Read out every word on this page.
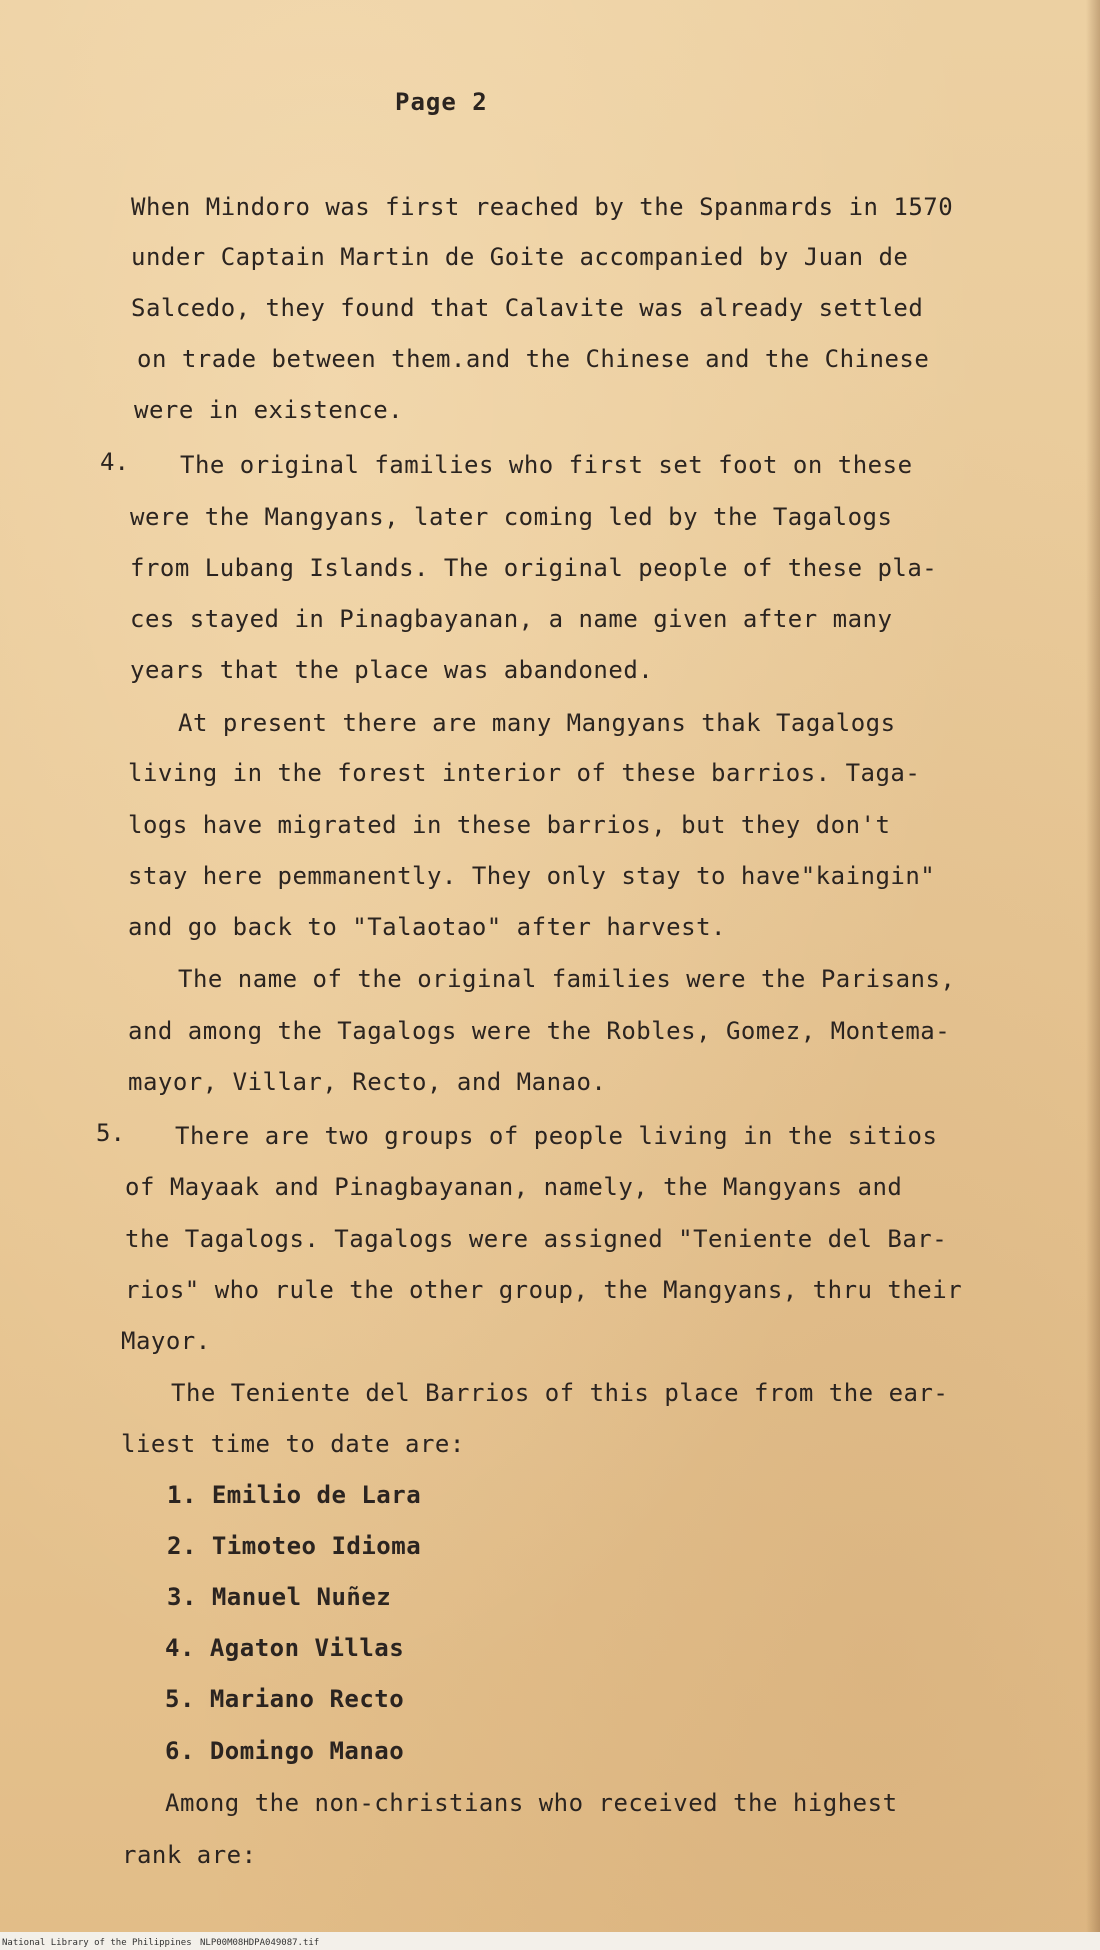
Page 2
When Mindoro was first reached by the Spanmards in 1570
under Captain Martin de Goite accompanied by Juan de
Salcedo, they found that Calavite was already settled
on trade between them.and the Chinese and the Chinese
were in existence.
4. The original families who first set foot on these
were the Mangyans, later coming led by the Tagalogs
from Lubang Islands. The original people of these pla-
ces stayed in Pinagbayanan, a name given after many
years that the place was abandoned.
At present there are many Mangyans thak Tagalogs
living in the forest interior of these barrios. Taga-
logs have migrated in these barrios, but they don't
stay here pemmanently. They only stay to have"kaingin"
and go back to "Talaotao" after harvest.
The name of the original families were the Parisans,
and among the Tagalogs were the Robles, Gomez, Montema-
mayor, Villar, Recto, and Manao.
5. There are two groups of people living in the sitios
of Mayaak and Pinagbayanan, namely, the Mangyans and
the Tagalogs. Tagalogs were assigned "Teniente del Bar-
rios" who rule the other group, the Mangyans, thru their
Mayor.
The Teniente del Barrios of this place from the ear-
liest time to date are:
1. Emilio de Lara
2. Timoteo Idioma
3. Manuel Nuñez
4. Agaton Villas
5. Mariano Recto
6. Domingo Manao
Among the non-christians who received the highest
rank are:
National Library of the Philippines NLP00M08HDPA049087.tif
